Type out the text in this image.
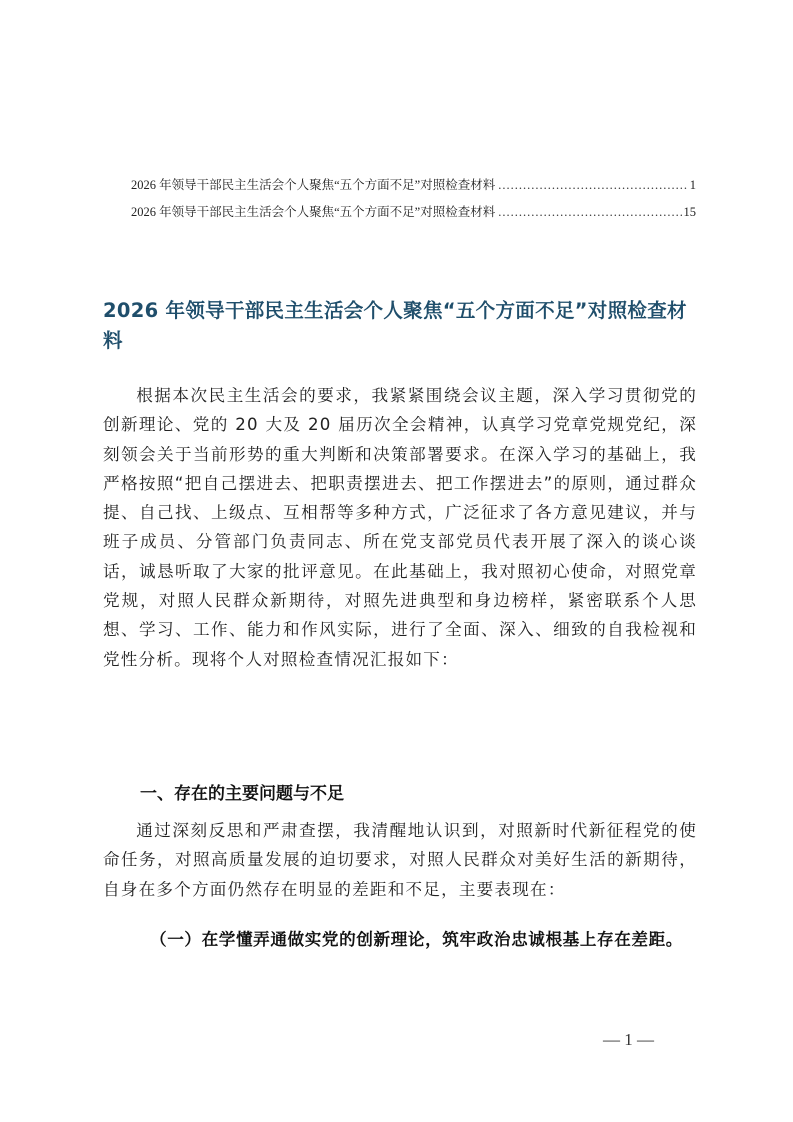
2026 年领导干部民主生活会个人聚焦“五个方面不足”对照检查材料 .....	1
2026 年领导干部民主生活会个人聚焦“五个方面不足”对照检查材料 .....	15
2026 年领导干部民主生活会个人聚焦“五个方面不足”对照检查材料

根据本次民主生活会的要求，我紧紧围绕会议主题，深入学习贯彻党的创新理论、党的 20 大及 20 届历次全会精神，认真学习党章党规党纪，深刻领会关于当前形势的重大判断和决策部署要求。在深入学习的基础上，我严格按照“把自己摆进去、把职责摆进去、把工作摆进去”的原则，通过群众提、自己找、上级点、互相帮等多种方式，广泛征求了各方意见建议，并与班子成员、分管部门负责同志、所在党支部党员代表开展了深入的谈心谈话，诚恳听取了大家的批评意见。在此基础上，我对照初心使命，对照党章党规，对照人民群众新期待，对照先进典型和身边榜样，紧密联系个人思想、学习、工作、能力和作风实际，进行了全面、深入、细致的自我检视和党性分析。现将个人对照检查情况汇报如下：

一、存在的主要问题与不足

通过深刻反思和严肃查摆，我清醒地认识到，对照新时代新征程党的使命任务，对照高质量发展的迫切要求，对照人民群众对美好生活的新期待，自身在多个方面仍然存在明显的差距和不足，主要表现在：

（一）在学懂弄通做实党的创新理论，筑牢政治忠诚根基上存在差距。
— 1 —
